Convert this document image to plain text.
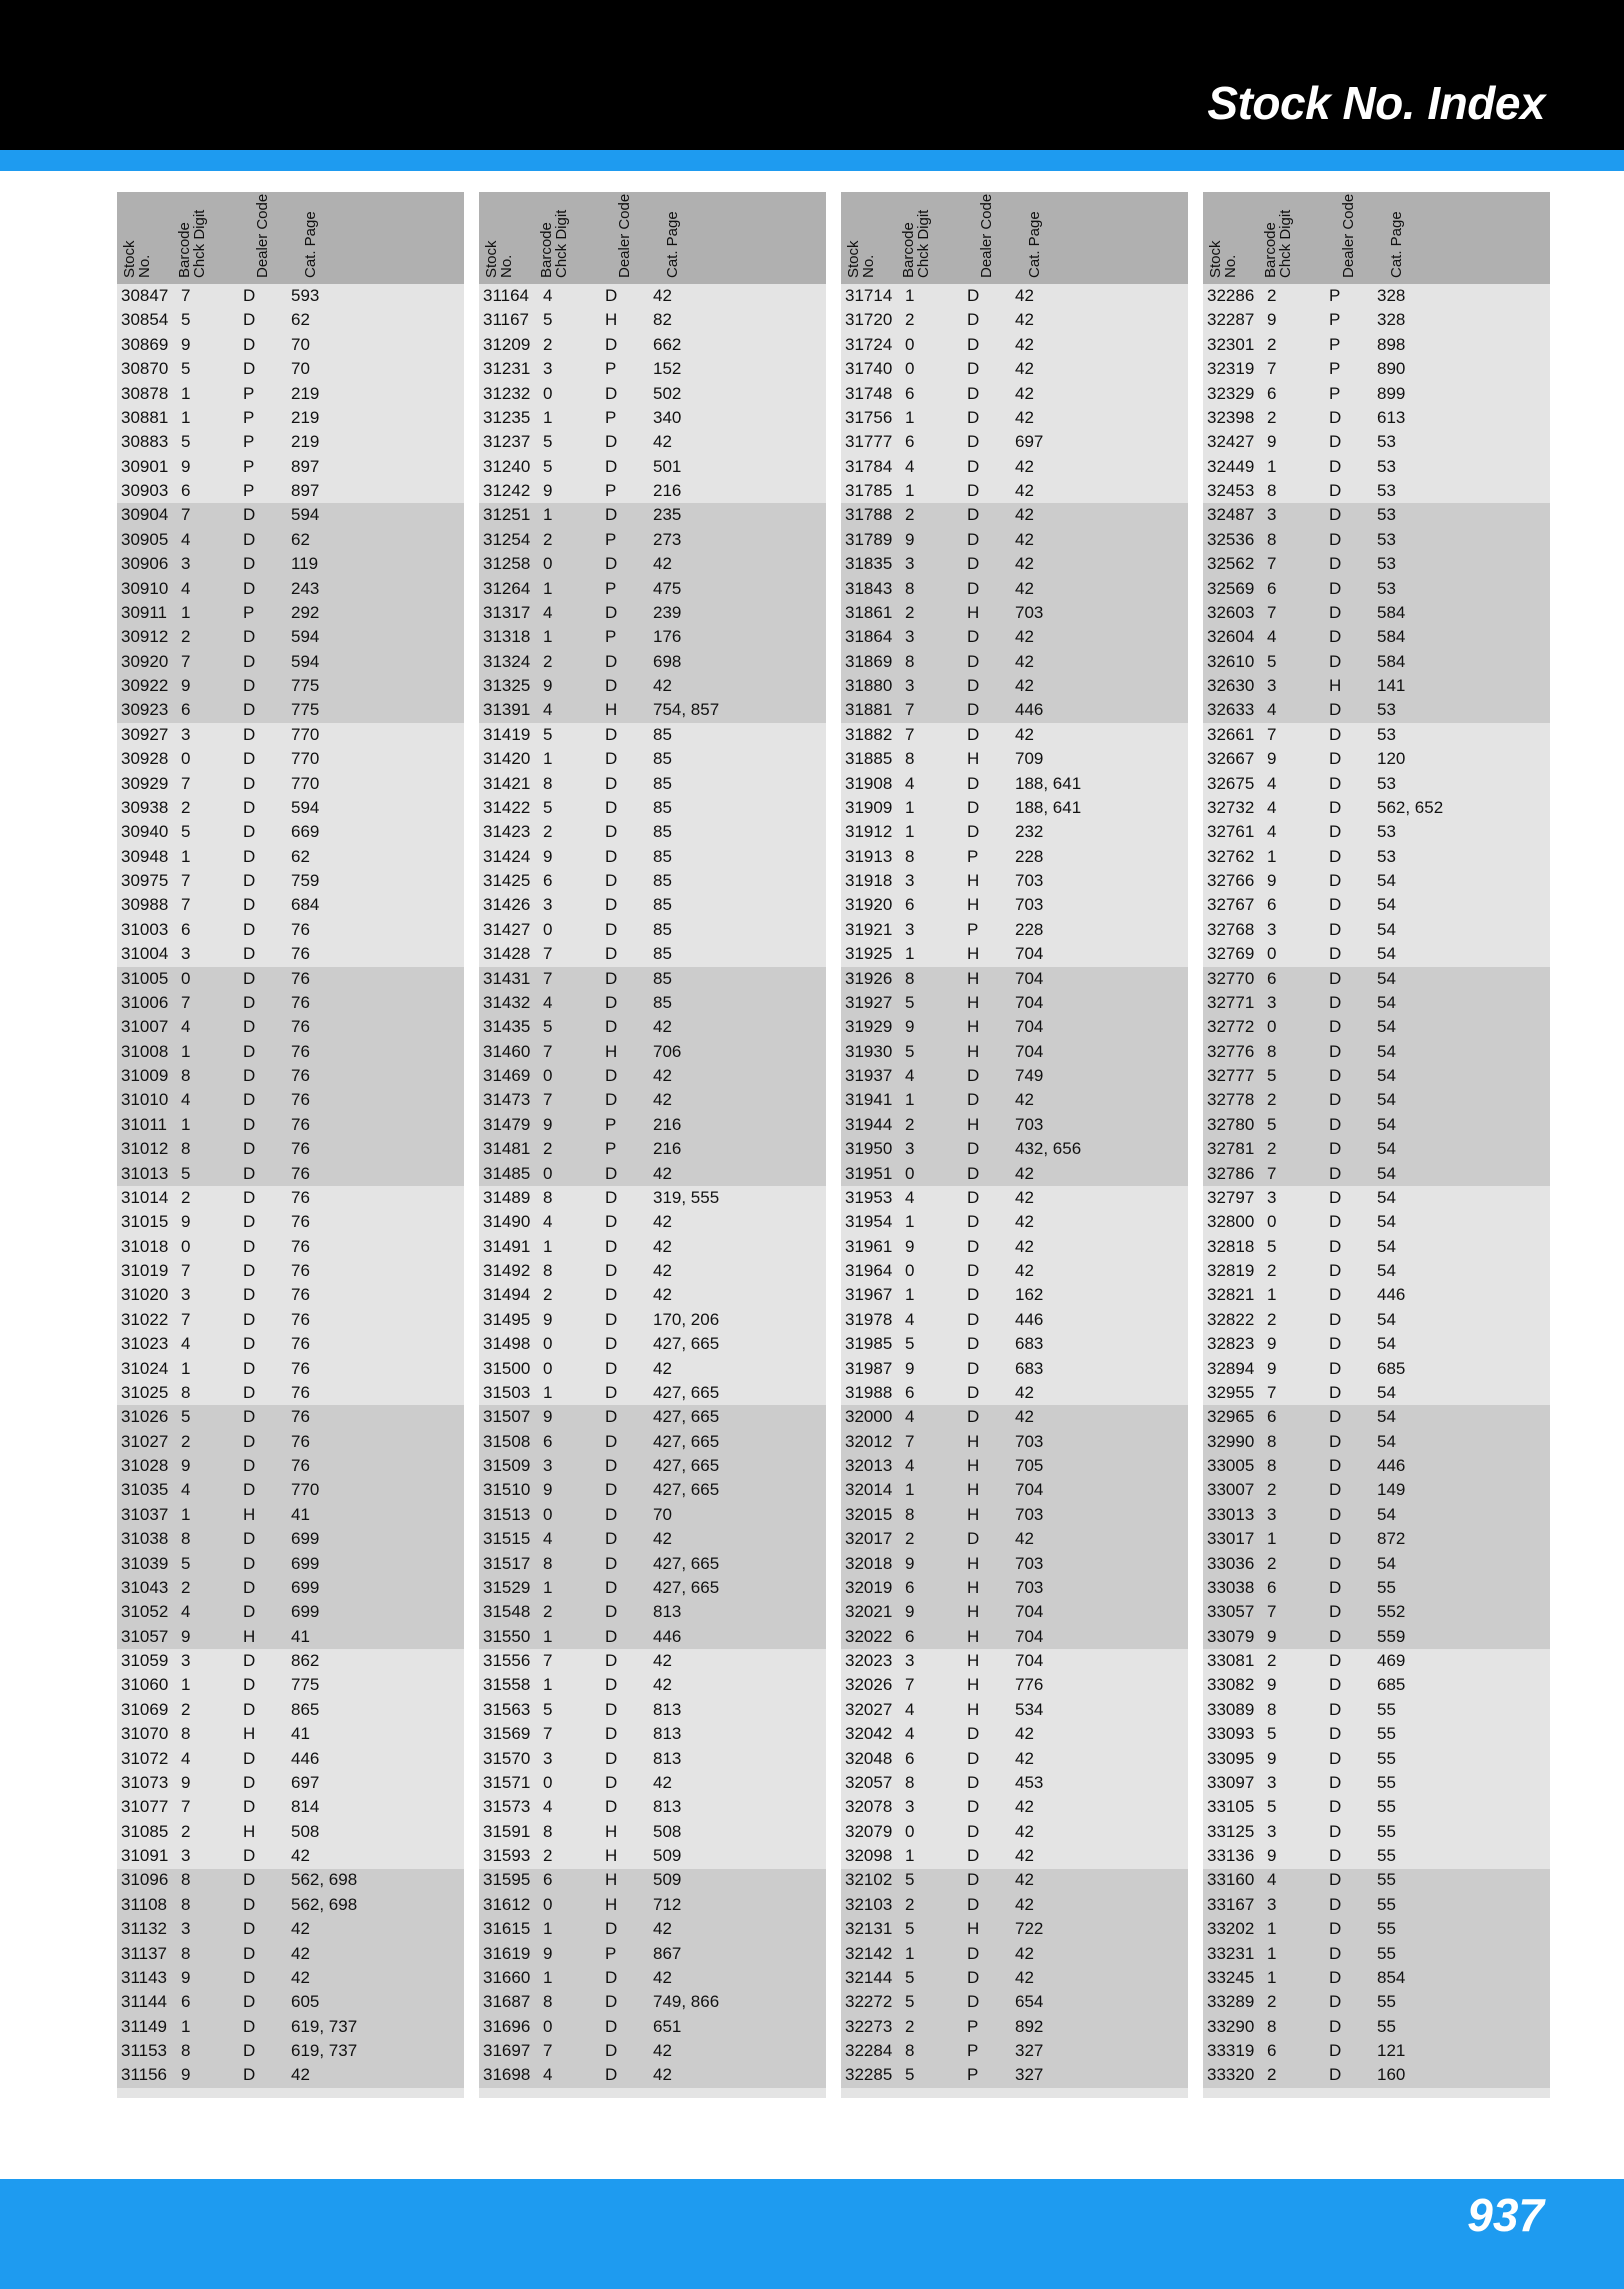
Stock No. Index
Stock
No. Barcode
Chck Digit	Dealer Code Cat. Page
30847 7	D 593
30854 5	D 62
30869 9	D 70
30870 5	D 70
30878 1	P 219
30881 1	P 219
30883 5	P 219
30901 9	P 897
30903 6	P 897
30904 7	D 594
30905 4	D 62
30906 3	D 119
30910 4	D 243
30911 1	P 292
30912 2	D 594
30920 7	D 594
30922 9	D 775
30923 6	D 775
30927 3	D 770
30928 0	D 770
30929 7	D 770
30938 2	D 594
30940 5	D 669
30948 1	D 62
30975 7	D 759
30988 7	D 684
31003 6	D 76
31004 3	D 76
31005 0	D 76
31006 7	D 76
31007 4	D 76
31008 1	D 76
31009 8	D 76
31010 4	D 76
31011 1	D 76
31012 8	D 76
31013 5	D 76
31014 2	D 76
31015 9	D 76
31018 0	D 76
31019 7	D 76
31020 3	D 76
31022 7	D 76
31023 4	D 76
31024 1	D 76
31025 8	D 76
31026 5	D 76
31027 2	D 76
31028 9	D 76
31035 4	D 770
31037 1	H 41
31038 8	D 699
31039 5	D 699
31043 2	D 699
31052 4	D 699
31057 9	H 41
31059 3	D 862
31060 1	D 775
31069 2	D 865
31070 8	H 41
31072 4	D 446
31073 9	D 697
31077 7	D 814
31085 2	H 508
31091 3	D 42
31096 8	D 562, 698
31108 8	D 562, 698
31132 3	D 42
31137 8	D 42
31143 9	D 42
31144 6	D 605
31149 1	D 619, 737
31153 8	D 619, 737
31156 9	D 42
Stock
No. Barcode
Chck Digit	Dealer Code Cat. Page
31164 4	D 42
31167 5	H 82
31209 2	D 662
31231 3	P 152
31232 0	D 502
31235 1	P 340
31237 5	D 42
31240 5	D 501
31242 9	P 216
31251 1	D 235
31254 2	P 273
31258 0	D 42
31264 1	P 475
31317 4	D 239
31318 1	P 176
31324 2	D 698
31325 9	D 42
31391 4	H 754, 857
31419 5	D 85
31420 1	D 85
31421 8	D 85
31422 5	D 85
31423 2	D 85
31424 9	D 85
31425 6	D 85
31426 3	D 85
31427 0	D 85
31428 7	D 85
31431 7	D 85
31432 4	D 85
31435 5	D 42
31460 7	H 706
31469 0	D 42
31473 7	D 42
31479 9	P 216
31481 2	P 216
31485 0	D 42
31489 8	D 319, 555
31490 4	D 42
31491 1	D 42
31492 8	D 42
31494 2	D 42
31495 9	D 170, 206
31498 0	D 427, 665
31500 0	D 42
31503 1	D 427, 665
31507 9	D 427, 665
31508 6	D 427, 665
31509 3	D 427, 665
31510 9	D 427, 665
31513 0	D 70
31515 4	D 42
31517 8	D 427, 665
31529 1	D 427, 665
31548 2	D 813
31550 1	D 446
31556 7	D 42
31558 1	D 42
31563 5	D 813
31569 7	D 813
31570 3	D 813
31571 0	D 42
31573 4	D 813
31591 8	H 508
31593 2	H 509
31595 6	H 509
31612 0	H 712
31615 1	D 42
31619 9	P 867
31660 1	D 42
31687 8	D 749, 866
31696 0	D 651
31697 7	D 42
31698 4	D 42
Stock
No. Barcode
Chck Digit	Dealer Code Cat. Page
31714 1	D 42
31720 2	D 42
31724 0	D 42
31740 0	D 42
31748 6	D 42
31756 1	D 42
31777 6	D 697
31784 4	D 42
31785 1	D 42
31788 2	D 42
31789 9	D 42
31835 3	D 42
31843 8	D 42
31861 2	H 703
31864 3	D 42
31869 8	D 42
31880 3	D 42
31881 7	D 446
31882 7	D 42
31885 8	H 709
31908 4	D 188, 641
31909 1	D 188, 641
31912 1	D 232
31913 8	P 228
31918 3	H 703
31920 6	H 703
31921 3	P 228
31925 1	H 704
31926 8	H 704
31927 5	H 704
31929 9	H 704
31930 5	H 704
31937 4	D 749
31941 1	D 42
31944 2	H 703
31950 3	D 432, 656
31951 0	D 42
31953 4	D 42
31954 1	D 42
31961 9	D 42
31964 0	D 42
31967 1	D 162
31978 4	D 446
31985 5	D 683
31987 9	D 683
31988 6	D 42
32000 4	D 42
32012 7	H 703
32013 4	H 705
32014 1	H 704
32015 8	H 703
32017 2	D 42
32018 9	H 703
32019 6	H 703
32021 9	H 704
32022 6	H 704
32023 3	H 704
32026 7	H 776
32027 4	H 534
32042 4	D 42
32048 6	D 42
32057 8	D 453
32078 3	D 42
32079 0	D 42
32098 1	D 42
32102 5	D 42
32103 2	D 42
32131 5	H 722
32142 1	D 42
32144 5	D 42
32272 5	D 654
32273 2	P 892
32284 8	P 327
32285 5	P 327
Stock
No. Barcode
Chck Digit	Dealer Code Cat. Page
32286 2	P 328
32287 9	P 328
32301 2	P 898
32319 7	P 890
32329 6	P 899
32398 2	D 613
32427 9	D 53
32449 1	D 53
32453 8	D 53
32487 3	D 53
32536 8	D 53
32562 7	D 53
32569 6	D 53
32603 7	D 584
32604 4	D 584
32610 5	D 584
32630 3	H 141
32633 4	D 53
32661 7	D 53
32667 9	D 120
32675 4	D 53
32732 4	D 562, 652
32761 4	D 53
32762 1	D 53
32766 9	D 54
32767 6	D 54
32768 3	D 54
32769 0	D 54
32770 6	D 54
32771 3	D 54
32772 0	D 54
32776 8	D 54
32777 5	D 54
32778 2	D 54
32780 5	D 54
32781 2	D 54
32786 7	D 54
32797 3	D 54
32800 0	D 54
32818 5	D 54
32819 2	D 54
32821 1	D 446
32822 2	D 54
32823 9	D 54
32894 9	D 685
32955 7	D 54
32965 6	D 54
32990 8	D 54
33005 8	D 446
33007 2	D 149
33013 3	D 54
33017 1	D 872
33036 2	D 54
33038 6	D 55
33057 7	D 552
33079 9	D 559
33081 2	D 469
33082 9	D 685
33089 8	D 55
33093 5	D 55
33095 9	D 55
33097 3	D 55
33105 5	D 55
33125 3	D 55
33136 9	D 55
33160 4	D 55
33167 3	D 55
33202 1	D 55
33231 1	D 55
33245 1	D 854
33289 2	D 55
33290 8	D 55
33319 6	D 121
33320 2	D 160
937
